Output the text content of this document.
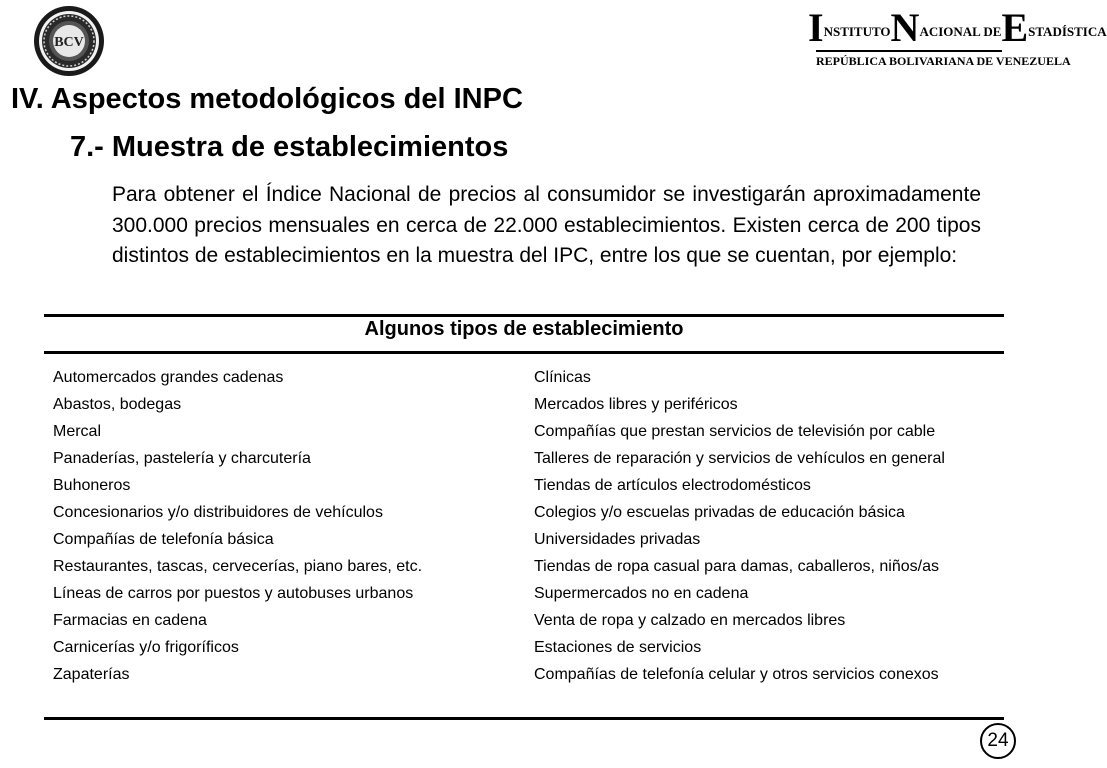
BCV	I NSTITUTO N ACIONAL DE E STADÍSTICA
REPÚBLICA BOLIVARIANA DE VENEZUELA
IV. Aspectos metodológicos del INPC
7.- Muestra de establecimientos
Para obtener el Índice Nacional de precios al consumidor se investigarán aproximadamente 300.000 precios mensuales en cerca de 22.000 establecimientos. Existen cerca de 200 tipos distintos de establecimientos en la muestra del IPC, entre los que se cuentan, por ejemplo:
Algunos tipos de establecimiento
Automercados grandes cadenas
Abastos, bodegas
Mercal
Panaderías, pastelería y charcutería
Buhoneros
Concesionarios y/o distribuidores de vehículos
Compañías de telefonía básica
Restaurantes, tascas, cervecerías, piano bares, etc.
Líneas de carros por puestos y autobuses urbanos
Farmacias en cadena
Carnicerías y/o frigoríficos
Zapaterías
Clínicas
Mercados libres y periféricos
Compañías que prestan servicios de televisión por cable
Talleres de reparación y servicios de vehículos en general
Tiendas de artículos electrodomésticos
Colegios y/o escuelas privadas de educación básica
Universidades privadas
Tiendas de ropa casual para damas, caballeros, niños/as
Supermercados no en cadena
Venta de ropa y calzado en mercados libres
Estaciones de servicios
Compañías de telefonía celular y otros servicios conexos
24
